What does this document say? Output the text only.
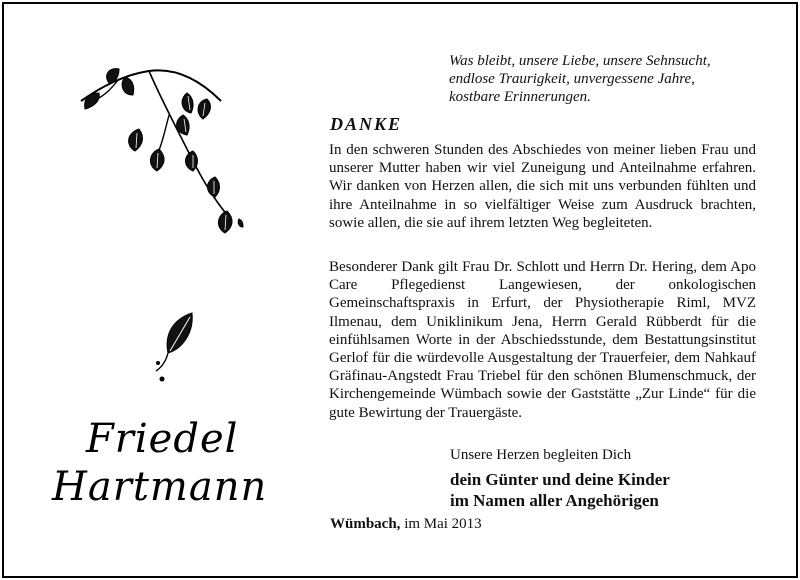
Was bleibt, unsere Liebe, unsere Sehnsucht,
endlose Traurigkeit, unvergessene Jahre,
kostbare Erinnerungen.
DANKE
In den schweren Stunden des Abschiedes von meiner lieben Frau und unserer Mutter haben wir viel Zuneigung und Anteilnahme erfahren. Wir danken von Herzen allen, die sich mit uns verbunden fühlten und ihre Anteilnahme in so vielfältiger Weise zum Ausdruck brachten, sowie allen, die sie auf ihrem letzten Weg begleiteten.
Besonderer Dank gilt Frau Dr. Schlott und Herrn Dr. Hering, dem Apo Care Pflegedienst Langewiesen, der onkologischen Gemeinschaftspraxis in Erfurt, der Physiotherapie Riml, MVZ Ilmenau, dem Uniklinikum Jena, Herrn Gerald Rübberdt für die einfühlsamen Worte in der Abschiedsstunde, dem Bestattungsinstitut Gerlof für die würdevolle Ausgestaltung der Trauerfeier, dem Nahkauf Gräfinau-Angstedt Frau Triebel für den schönen Blumenschmuck, der Kirchengemeinde Wümbach sowie der Gaststätte „Zur Linde“ für die gute Bewirtung der Trauergäste.
Unsere Herzen begleiten Dich
dein Günter und deine Kinder
im Namen aller Angehörigen
Wümbach, im Mai 2013
Friedel
Hartmann
